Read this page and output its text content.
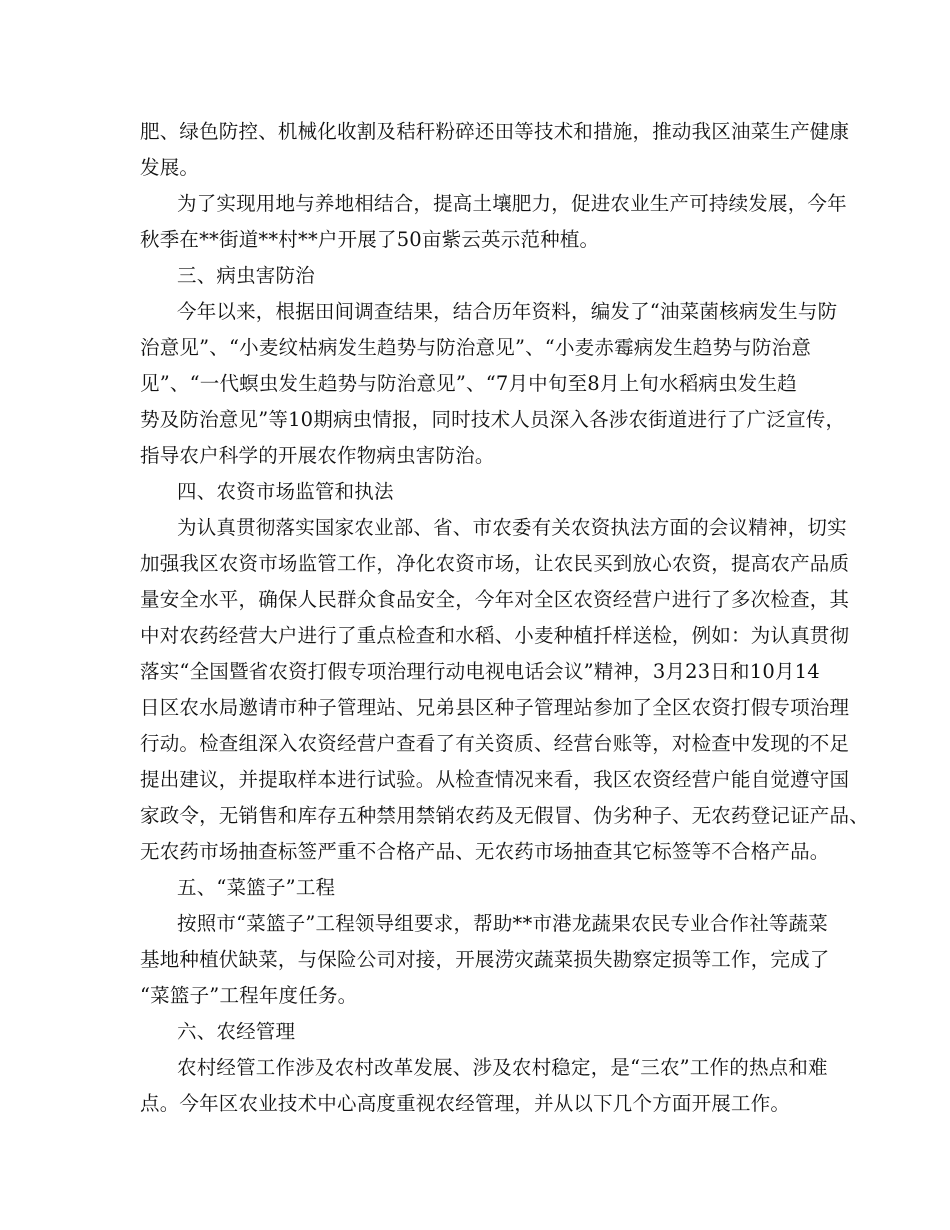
肥、绿色防控、机械化收割及秸秆粉碎还田等技术和措施，推动我区油菜生产健康
发展。
为了实现用地与养地相结合，提高土壤肥力，促进农业生产可持续发展，今年
秋季在**街道**村**户开展了50亩紫云英示范种植。
三、病虫害防治
今年以来，根据田间调查结果，结合历年资料，编发了“油菜菌核病发生与防
治意见”、“小麦纹枯病发生趋势与防治意见”、“小麦赤霉病发生趋势与防治意
见”、“一代螟虫发生趋势与防治意见”、“7月中旬至8月上旬水稻病虫发生趋
势及防治意见”等10期病虫情报，同时技术人员深入各涉农街道进行了广泛宣传，
指导农户科学的开展农作物病虫害防治。
四、农资市场监管和执法
为认真贯彻落实国家农业部、省、市农委有关农资执法方面的会议精神，切实
加强我区农资市场监管工作，净化农资市场，让农民买到放心农资，提高农产品质
量安全水平，确保人民群众食品安全，今年对全区农资经营户进行了多次检查，其
中对农药经营大户进行了重点检查和水稻、小麦种植扦样送检，例如：为认真贯彻
落实“全国暨省农资打假专项治理行动电视电话会议”精神，3月23日和10月14
日区农水局邀请市种子管理站、兄弟县区种子管理站参加了全区农资打假专项治理
行动。检查组深入农资经营户查看了有关资质、经营台账等，对检查中发现的不足
提出建议，并提取样本进行试验。从检查情况来看，我区农资经营户能自觉遵守国
家政令，无销售和库存五种禁用禁销农药及无假冒、伪劣种子、无农药登记证产品、
无农药市场抽查标签严重不合格产品、无农药市场抽查其它标签等不合格产品。
五、“菜篮子”工程
按照市“菜篮子”工程领导组要求，帮助**市港龙蔬果农民专业合作社等蔬菜
基地种植伏缺菜，与保险公司对接，开展涝灾蔬菜损失勘察定损等工作，完成了
“菜篮子”工程年度任务。
六、农经管理
农村经管工作涉及农村改革发展、涉及农村稳定，是“三农”工作的热点和难
点。今年区农业技术中心高度重视农经管理，并从以下几个方面开展工作。
